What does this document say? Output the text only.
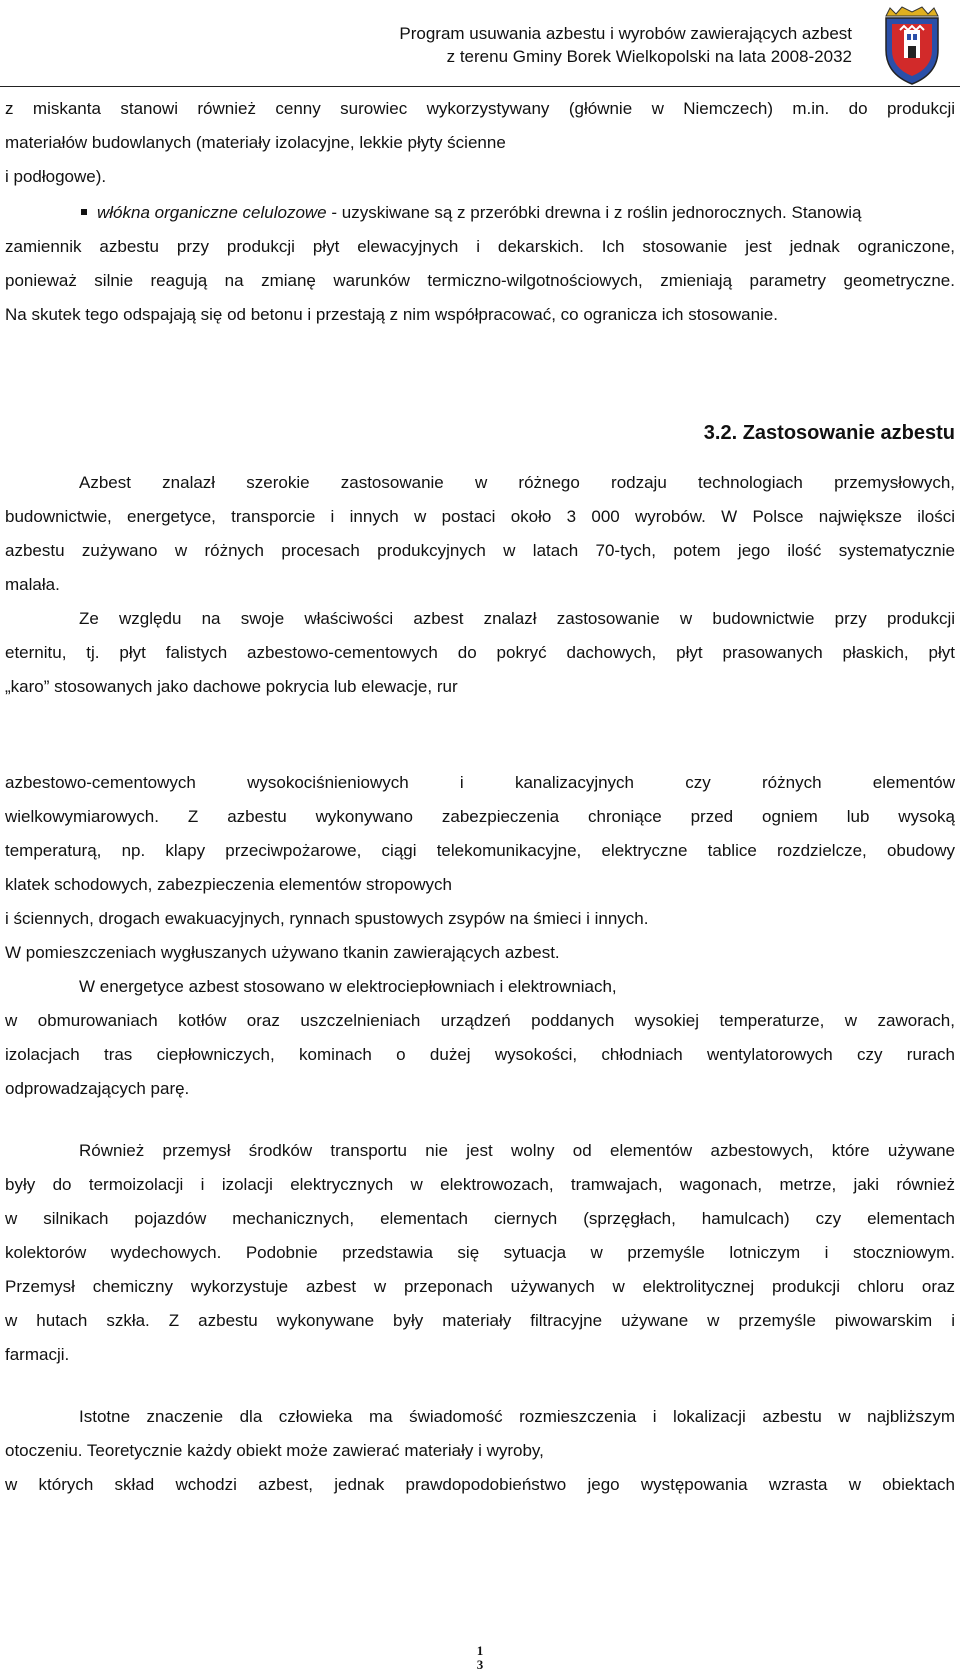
Program usuwania azbestu i wyrobów zawierających azbest
z terenu Gminy Borek Wielkopolski na lata 2008-2032

z miskanta stanowi również cenny surowiec wykorzystywany (głównie w Niemczech) m.in. do produkcji

materiałów budowlanych (materiały izolacyjne, lekkie płyty ścienne

i podłogowe).

włókna organiczne celulozowe - uzyskiwane są z przeróbki drewna i z roślin jednorocznych. Stanowią

zamiennik azbestu przy produkcji płyt elewacyjnych i dekarskich. Ich stosowanie jest jednak ograniczone,

ponieważ silnie reagują na zmianę warunków termiczno-wilgotnościowych, zmieniają parametry geometryczne.

Na skutek tego odspajają się od betonu i przestają z nim współpracować, co ogranicza ich stosowanie.

3.2. Zastosowanie azbestu

Azbest znalazł szerokie zastosowanie w różnego rodzaju technologiach przemysłowych,

budownictwie, energetyce, transporcie i innych w postaci około 3 000 wyrobów. W Polsce największe ilości

azbestu zużywano w różnych procesach produkcyjnych w latach 70-tych, potem jego ilość systematycznie

malała.

Ze względu na swoje właściwości azbest znalazł zastosowanie w budownictwie przy produkcji

eternitu, tj. płyt falistych azbestowo-cementowych do pokryć dachowych, płyt prasowanych płaskich, płyt

„karo” stosowanych jako dachowe pokrycia lub elewacje, rur

azbestowo-cementowych wysokociśnieniowych i kanalizacyjnych czy różnych elementów

wielkowymiarowych. Z azbestu wykonywano zabezpieczenia chroniące przed ogniem lub wysoką

temperaturą, np. klapy przeciwpożarowe, ciągi telekomunikacyjne, elektryczne tablice rozdzielcze, obudowy

klatek schodowych, zabezpieczenia elementów stropowych

i ściennych, drogach ewakuacyjnych, rynnach spustowych zsypów na śmieci i innych.

W pomieszczeniach wygłuszanych używano tkanin zawierających azbest.

W energetyce azbest stosowano w elektrociepłowniach i elektrowniach,

w obmurowaniach kotłów oraz uszczelnieniach urządzeń poddanych wysokiej temperaturze, w zaworach,

izolacjach tras ciepłowniczych, kominach o dużej wysokości, chłodniach wentylatorowych czy rurach

odprowadzających parę.

Również przemysł środków transportu nie jest wolny od elementów azbestowych, które używane

były do termoizolacji i izolacji elektrycznych w elektrowozach, tramwajach, wagonach, metrze, jaki również

w silnikach pojazdów mechanicznych, elementach ciernych (sprzęgłach, hamulcach) czy elementach

kolektorów wydechowych. Podobnie przedstawia się sytuacja w przemyśle lotniczym i stoczniowym.

Przemysł chemiczny wykorzystuje azbest w przeponach używanych w elektrolitycznej produkcji chloru oraz

w hutach szkła. Z azbestu wykonywane były materiały filtracyjne używane w przemyśle piwowarskim i

farmacji.

Istotne znaczenie dla człowieka ma świadomość rozmieszczenia i lokalizacji azbestu w najbliższym

otoczeniu. Teoretycznie każdy obiekt może zawierać materiały i wyroby,

w których skład wchodzi azbest, jednak prawdopodobieństwo jego występowania wzrasta w obiektach

1
3
